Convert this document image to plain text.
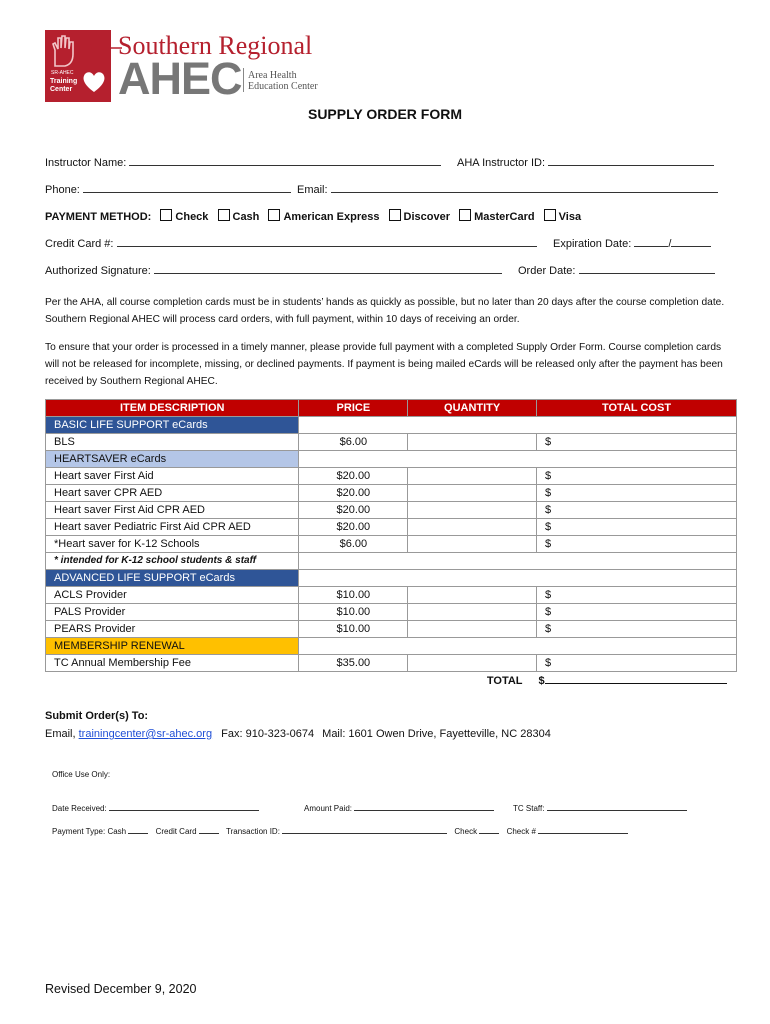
SR-AHEC
Training
Center
Southern Regional
AHEC Area Health
Education Center
SUPPLY ORDER FORM
Instructor Name:	AHA Instructor ID:
Phone:	Email:
PAYMENT METHOD: Check Cash American Express Discover MasterCard Visa
Credit Card #:	Expiration Date:	/
Authorized Signature:	Order Date:
Per the AHA, all course completion cards must be in students’ hands as quickly as possible, but no later than 20 days after the course completion date. Southern Regional AHEC will process card orders, with full payment, within 10 days of receiving an order.
To ensure that your order is processed in a timely manner, please provide full payment with a completed Supply Order Form. Course completion cards will not be released for incomplete, missing, or declined payments. If payment is being mailed eCards will be released only after the payment has been received by Southern Regional AHEC.
ITEM DESCRIPTION	PRICE	QUANTITY	TOTAL COST
BASIC LIFE SUPPORT eCards			
BLS	$6.00		$
HEARTSAVER eCards			
Heart saver First Aid	$20.00		$
Heart saver CPR AED	$20.00		$
Heart saver First Aid CPR AED	$20.00		$
Heart saver Pediatric First Aid CPR AED	$20.00		$
*Heart saver for K-12 Schools	$6.00		$
* intended for K-12 school students & staff			
ADVANCED LIFE SUPPORT eCards			
ACLS Provider	$10.00		$
PALS Provider	$10.00		$
PEARS Provider	$10.00		$
MEMBERSHIP RENEWAL			
TC Annual Membership Fee	$35.00		$
		TOTAL	$
Submit Order(s) To:
Email, trainingcenter@sr-ahec.org Fax: 910-323-0674 Mail: 1601 Owen Drive, Fayetteville, NC 28304
Office Use Only:
Date Received:	Amount Paid:	TC Staff:
Payment Type: Cash	Credit Card	Transaction ID:	Check	Check #
Revised December 9, 2020
